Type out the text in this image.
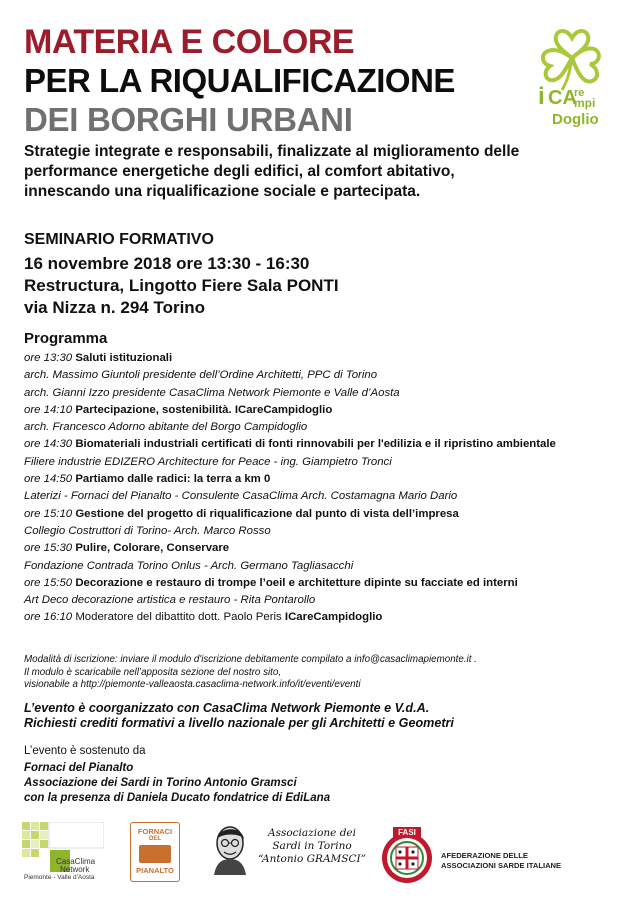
MATERIA E COLORE
PER LA RIQUALIFICAZIONE
DEI BORGHI URBANI
i CA
re
mpi
Doglio
Strategie integrate e responsabili, finalizzate al miglioramento delle performance energetiche degli edifici, al comfort abitativo, innescando una riqualificazione sociale e partecipata.
SEMINARIO FORMATIVO
16 novembre 2018 ore 13:30 - 16:30
Restructura, Lingotto Fiere Sala PONTI
via Nizza n. 294 Torino
Programma
ore 13:30 Saluti istituzionali
arch. Massimo Giuntoli presidente dell’Ordine Architetti, PPC di Torino
arch. Gianni Izzo presidente CasaClima Network Piemonte e Valle d’Aosta
ore 14:10 Partecipazione, sostenibilità. ICareCampidoglio
arch. Francesco Adorno abitante del Borgo Campidoglio
ore 14:30 Biomateriali industriali certificati di fonti rinnovabili per l'edilizia e il ripristino ambientale
Filiere industrie EDIZERO Architecture for Peace - ing. Giampietro Tronci
ore 14:50 Partiamo dalle radici: la terra a km 0
Laterizi - Fornaci del Pianalto - Consulente CasaClima Arch. Costamagna Mario Dario
ore 15:10 Gestione del progetto di riqualificazione dal punto di vista dell’impresa
Collegio Costruttori di Torino- Arch. Marco Rosso
ore 15:30 Pulire, Colorare, Conservare
Fondazione Contrada Torino Onlus - Arch. Germano Tagliasacchi
ore 15:50 Decorazione e restauro di trompe l’oeil e architetture dipinte su facciate ed interni
Art Deco decorazione artistica e restauro - Rita Pontarollo
ore 16:10 Moderatore del dibattito dott. Paolo Peris ICareCampidoglio
Modalità di iscrizione: inviare il modulo d'iscrizione debitamente compilato a info@casaclimapiemonte.it .
Il modulo è scaricabile nell’apposita sezione del nostro sito,
visionabile a http://piemonte-valleaosta.casaclima-network.info/it/eventi/eventi
L’evento è coorganizzato con CasaClima Network Piemonte e V.d.A.
Richiesti crediti formativi a livello nazionale per gli Architetti e Geometri
L’evento è sostenuto da
Fornaci del Pianalto
Associazione dei Sardi in Torino Antonio Gramsci
con la presenza di Daniela Ducato fondatrice di EdiLana
CasaClima
Network
Piemonte - Valle d'Aosta
FORNACI
DEL
PIANALTO
Associazione dei
Sardi in Torino
“Antonio GRAMSCI”
FASI
AFEDERAZIONE DELLE
ASSOCIAZIONI SARDE ITALIANE
